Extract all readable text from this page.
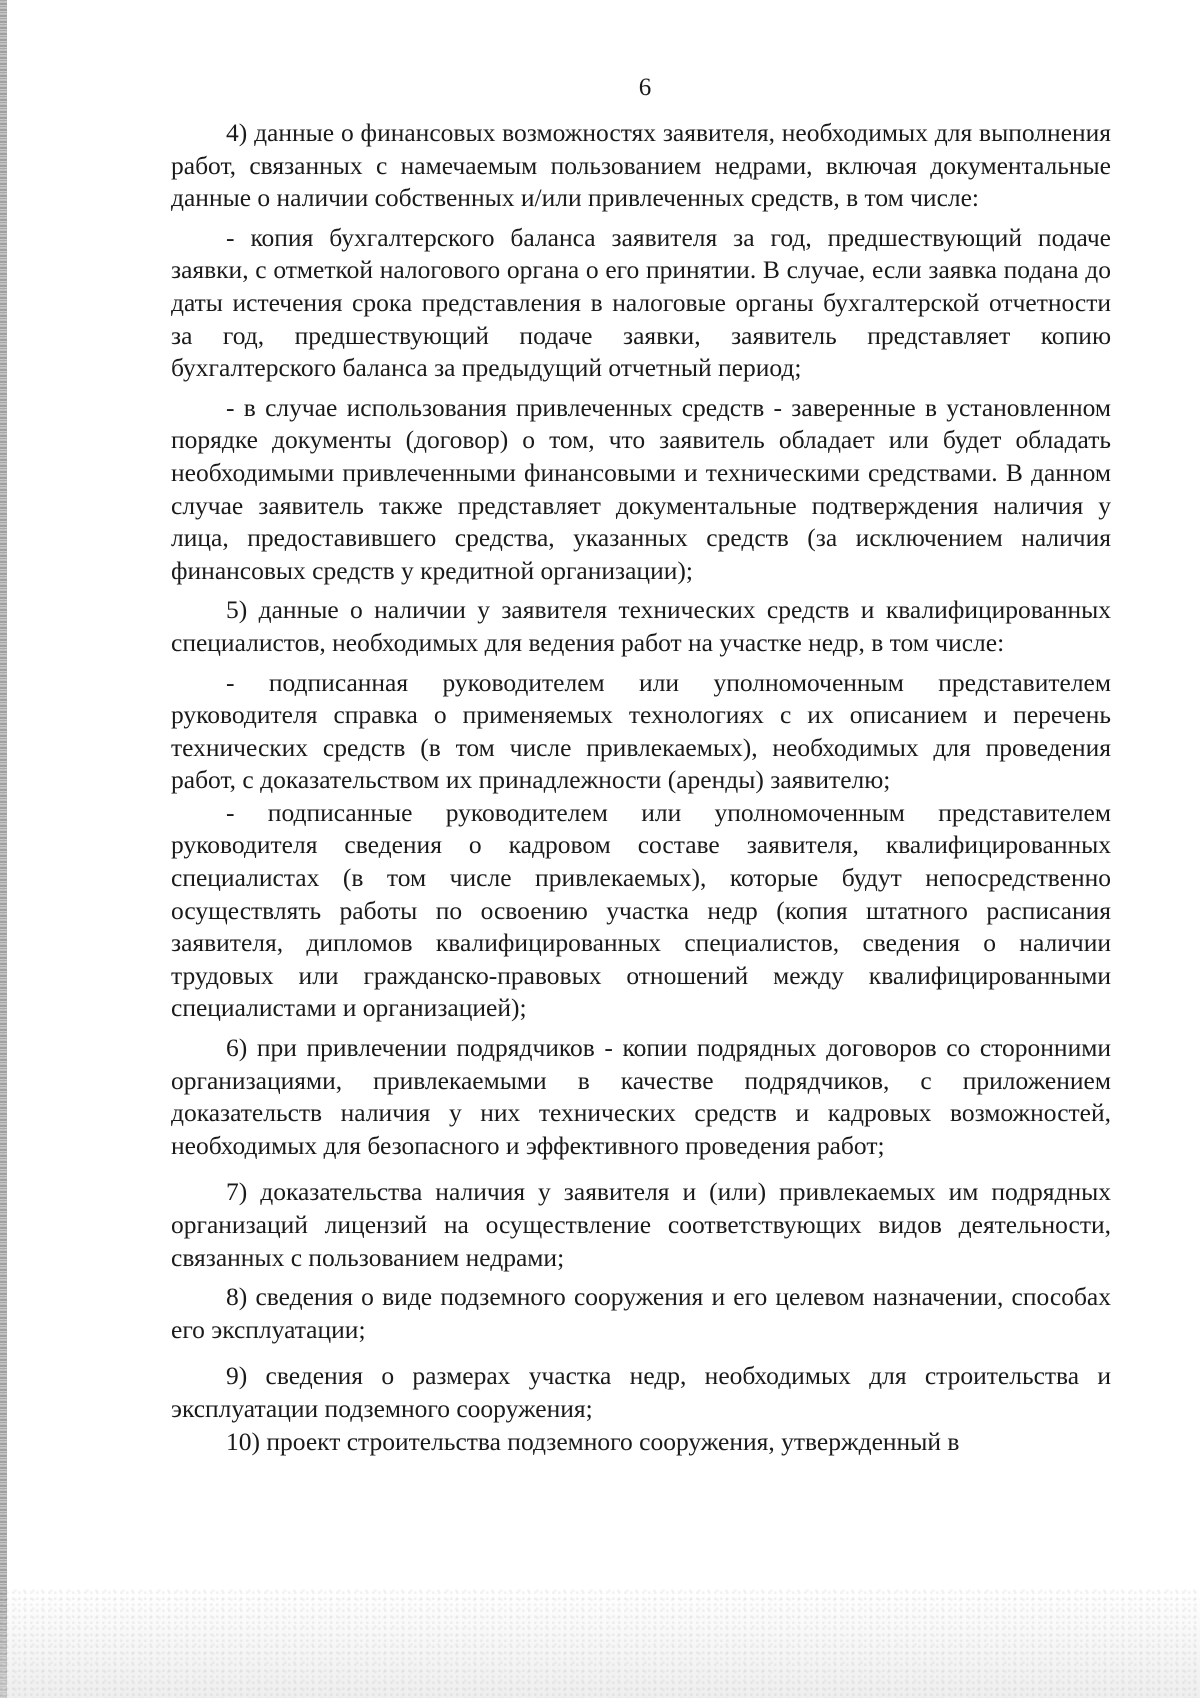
6

4) данные о финансовых возможностях заявителя, необходимых для выполнения работ, связанных с намечаемым пользованием недрами, включая документальные данные о наличии собственных и/или привлеченных средств, в том числе:

- копия бухгалтерского баланса заявителя за год, предшествующий подаче заявки, с отметкой налогового органа о его принятии. В случае, если заявка подана до даты истечения срока представления в налоговые органы бухгалтерской отчетности за год, предшествующий подаче заявки, заявитель представляет копию бухгалтерского баланса за предыдущий отчетный период;

- в случае использования привлеченных средств - заверенные в установленном порядке документы (договор) о том, что заявитель обладает или будет обладать необходимыми привлеченными финансовыми и техническими средствами. В данном случае заявитель также представляет документальные подтверждения наличия у лица, предоставившего средства, указанных средств (за исключением наличия финансовых средств у кредитной организации);

5) данные о наличии у заявителя технических средств и квалифицированных специалистов, необходимых для ведения работ на участке недр, в том числе:

- подписанная руководителем или уполномоченным представителем руководителя справка о применяемых технологиях с их описанием и перечень технических средств (в том числе привлекаемых), необходимых для проведения работ, с доказательством их принадлежности (аренды) заявителю;

- подписанные руководителем или уполномоченным представителем руководителя сведения о кадровом составе заявителя, квалифицированных специалистах (в том числе привлекаемых), которые будут непосредственно осуществлять работы по освоению участка недр (копия штатного расписания заявителя, дипломов квалифицированных специалистов, сведения о наличии трудовых или гражданско-правовых отношений между квалифицированными специалистами и организацией);

6) при привлечении подрядчиков - копии подрядных договоров со сторонними организациями, привлекаемыми в качестве подрядчиков, с приложением доказательств наличия у них технических средств и кадровых возможностей, необходимых для безопасного и эффективного проведения работ;

7) доказательства наличия у заявителя и (или) привлекаемых им подрядных организаций лицензий на осуществление соответствующих видов деятельности, связанных с пользованием недрами;

8) сведения о виде подземного сооружения и его целевом назначении, способах его эксплуатации;

9) сведения о размерах участка недр, необходимых для строительства и эксплуатации подземного сооружения;

10) проект строительства подземного сооружения, утвержденный в
